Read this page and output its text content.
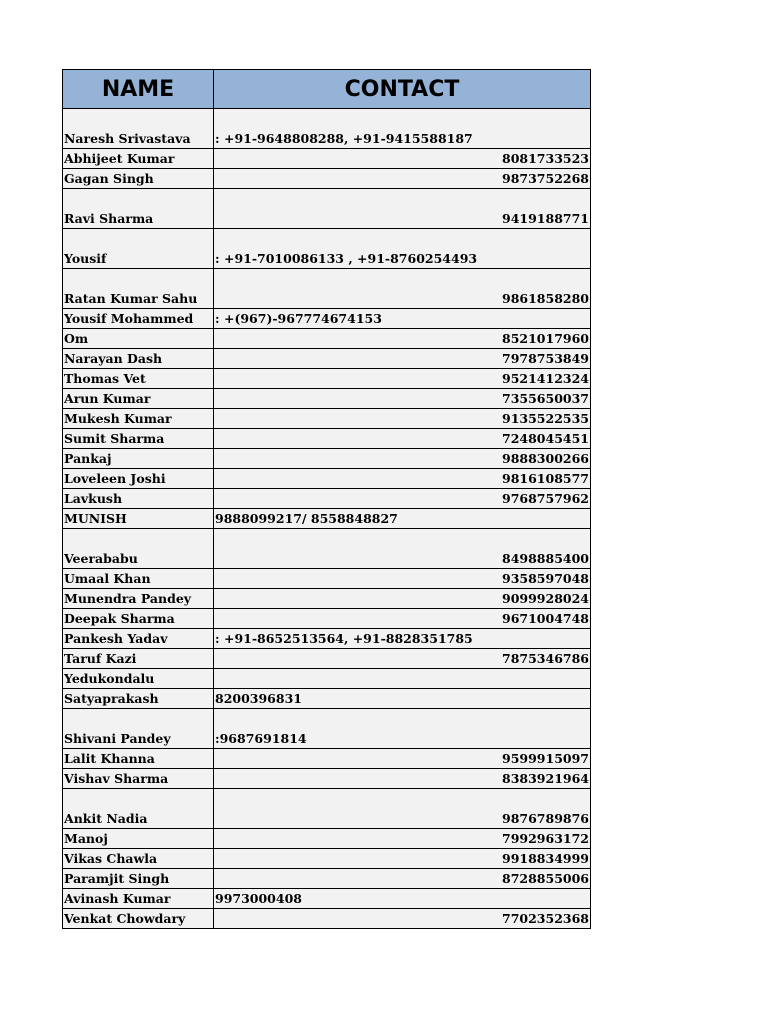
NAME	CONTACT
Naresh Srivastava	: +91-9648808288, +91-9415588187
Abhijeet Kumar	8081733523
Gagan Singh	9873752268
Ravi Sharma	9419188771
Yousif	: +91-7010086133 , +91-8760254493
Ratan Kumar Sahu	9861858280
Yousif Mohammed	: +(967)-967774674153
Om	8521017960
Narayan Dash	7978753849
Thomas Vet	9521412324
Arun Kumar	7355650037
Mukesh Kumar	9135522535
Sumit Sharma	7248045451
Pankaj	9888300266
Loveleen Joshi	9816108577
Lavkush	9768757962
MUNISH	9888099217/ 8558848827
Veerababu	8498885400
Umaal Khan	9358597048
Munendra Pandey	9099928024
Deepak Sharma	9671004748
Pankesh Yadav	: +91-8652513564, +91-8828351785
Taruf Kazi	7875346786
Yedukondalu	
Satyaprakash	8200396831
Shivani Pandey	:9687691814
Lalit Khanna	9599915097
Vishav Sharma	8383921964
Ankit Nadia	9876789876
Manoj	7992963172
Vikas Chawla	9918834999
Paramjit Singh	8728855006
Avinash Kumar	9973000408
Venkat Chowdary	7702352368
